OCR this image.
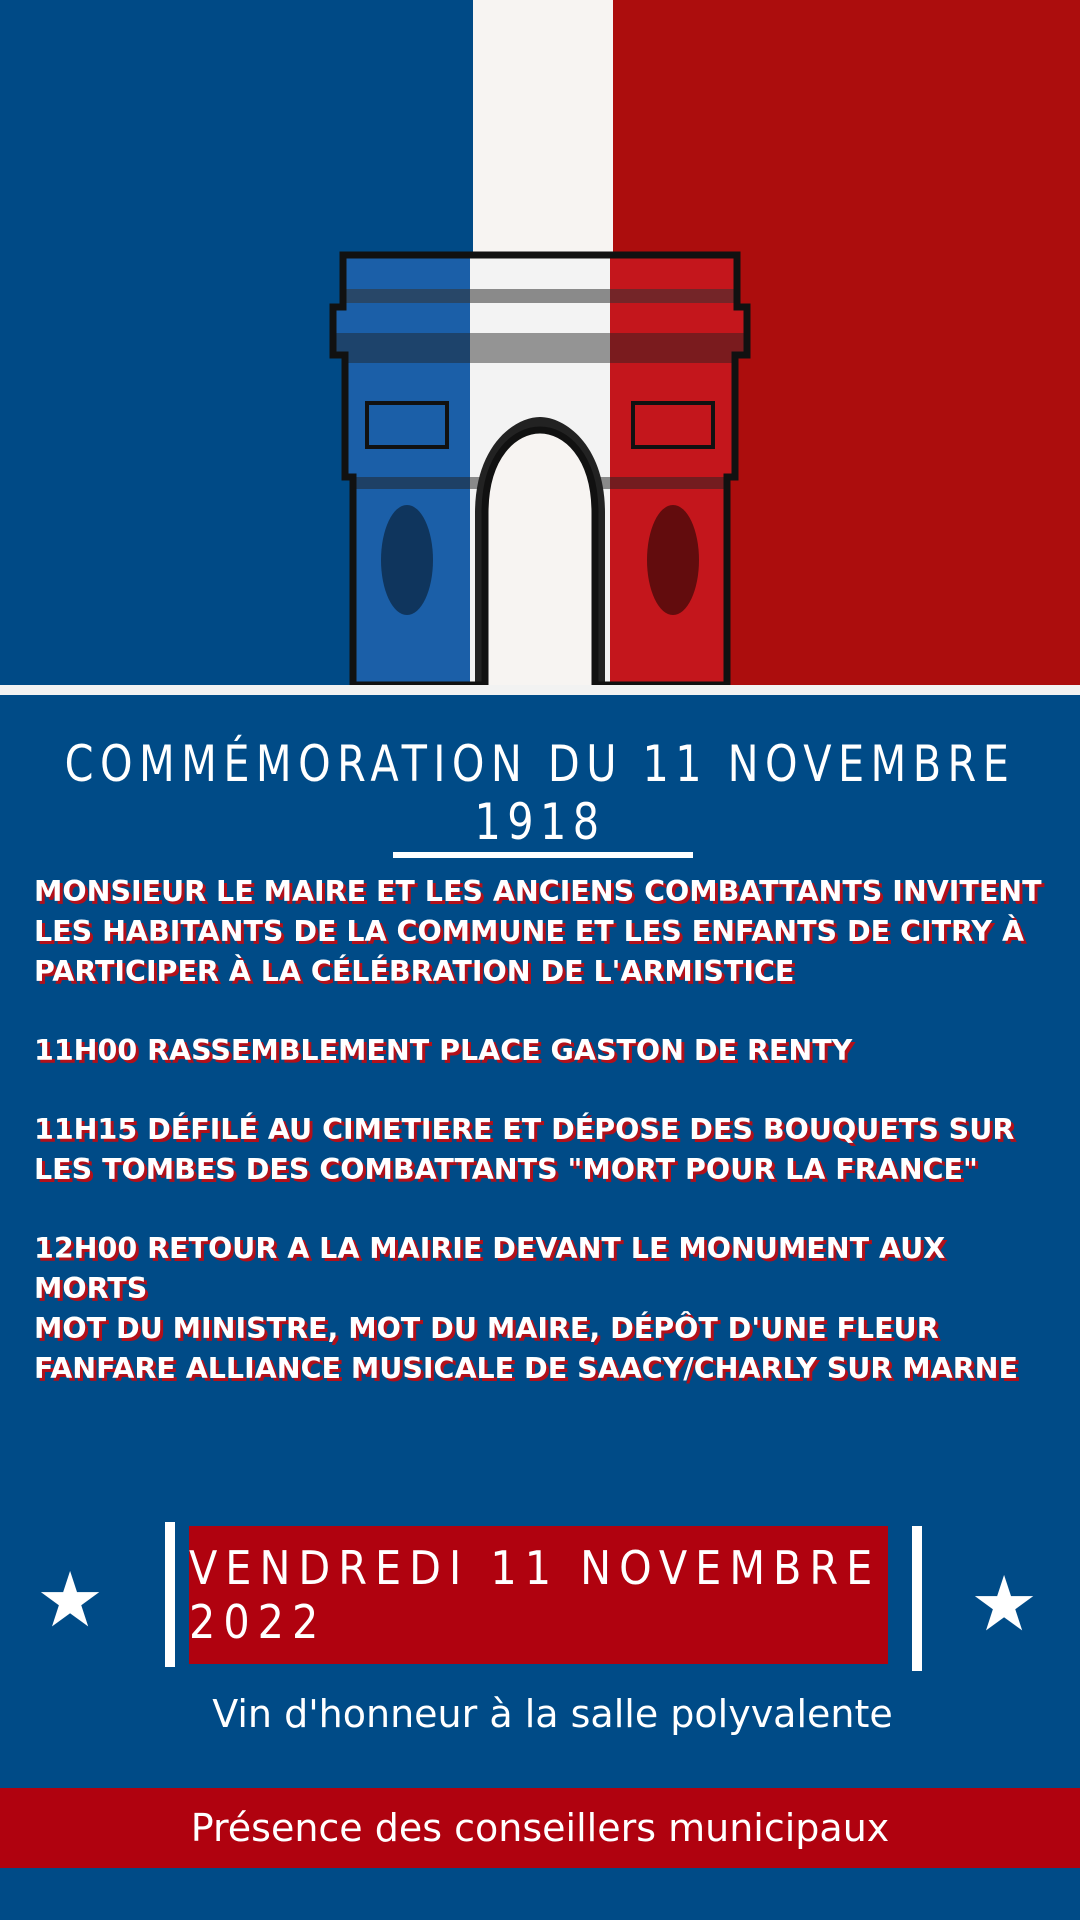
COMMÉMORATION DU 11 NOVEMBRE 1918

MONSIEUR LE MAIRE ET LES ANCIENS COMBATTANTS INVITENT LES HABITANTS DE LA COMMUNE ET LES ENFANTS DE CITRY À PARTICIPER À LA CÉLÉBRATION DE L'ARMISTICE

11H00 RASSEMBLEMENT PLACE GASTON DE RENTY

11H15 DÉFILÉ AU CIMETIERE ET DÉPOSE DES BOUQUETS SUR LES TOMBES DES COMBATTANTS "MORT POUR LA FRANCE"

12H00 RETOUR A LA MAIRIE DEVANT LE MONUMENT AUX MORTS

MOT DU MINISTRE, MOT DU MAIRE, DÉPÔT D'UNE FLEUR

FANFARE ALLIANCE MUSICALE DE SAACY/CHARLY SUR MARNE

★ VENDREDI 11 NOVEMBRE 2022	★
Vin d'honneur à la salle polyvalente
Présence des conseillers municipaux
